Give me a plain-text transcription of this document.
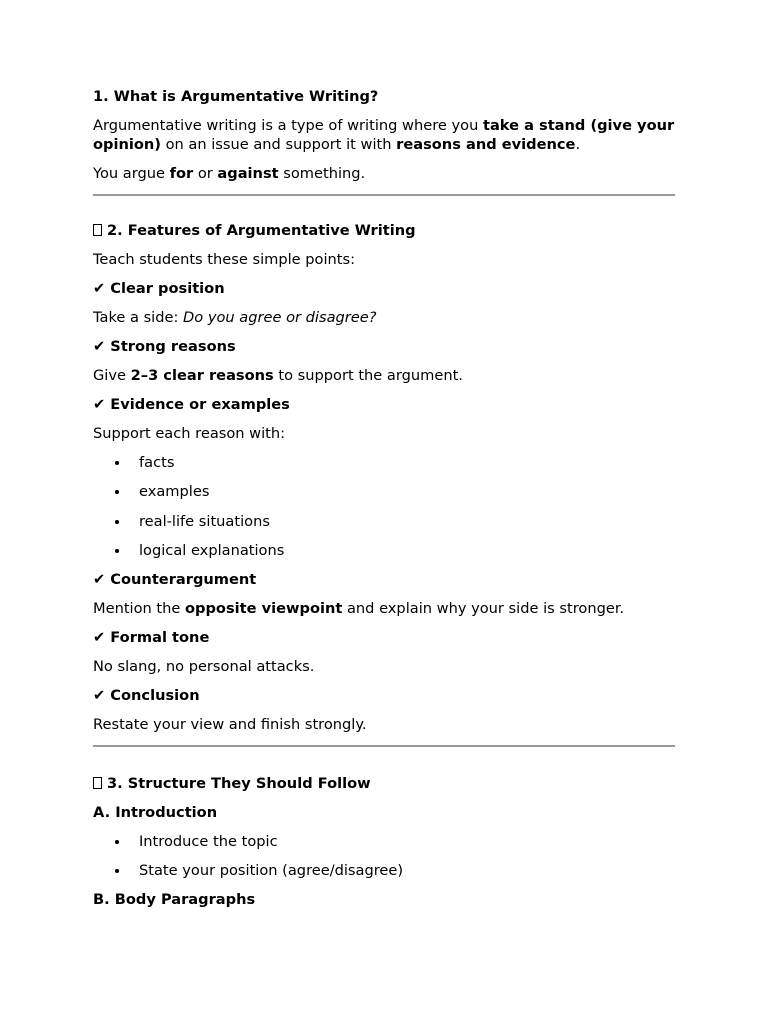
1. What is Argumentative Writing?

Argumentative writing is a type of writing where you take a stand (give your opinion) on an issue and support it with reasons and evidence.

You argue for or against something.

2. Features of Argumentative Writing

Teach students these simple points:

✔ Clear position

Take a side: Do you agree or disagree?

✔ Strong reasons

Give 2–3 clear reasons to support the argument.

✔ Evidence or examples

Support each reason with:

facts
examples
real-life situations
logical explanations

✔ Counterargument

Mention the opposite viewpoint and explain why your side is stronger.

✔ Formal tone

No slang, no personal attacks.

✔ Conclusion

Restate your view and finish strongly.

3. Structure They Should Follow

A. Introduction

Introduce the topic
State your position (agree/disagree)

B. Body Paragraphs
